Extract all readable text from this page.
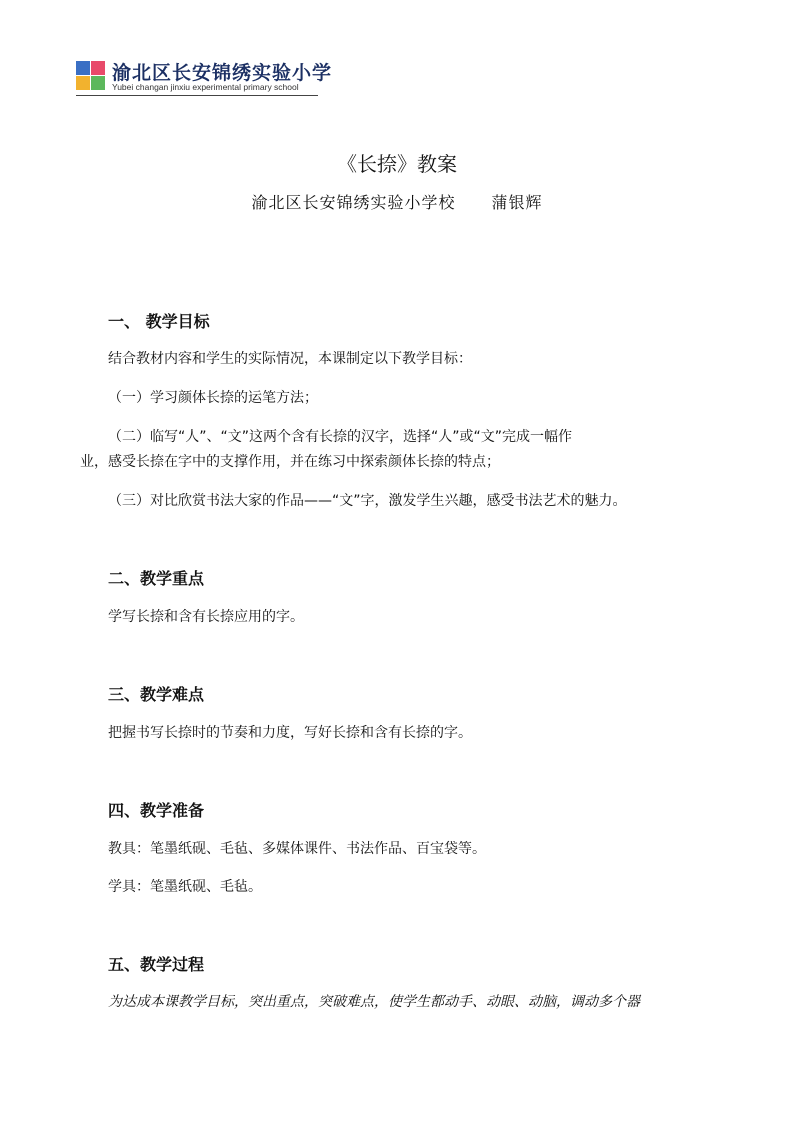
渝北区长安锦绣实验小学
Yubei changan jinxiu experimental primary school
《长捺》教案
渝北区长安锦绣实验小学校 蒲银辉
一、 教学目标
结合教材内容和学生的实际情况，本课制定以下教学目标：
（一）学习颜体长捺的运笔方法；
（二）临写“人”、“文”这两个含有长捺的汉字，选择“人”或“文”完成一幅作
业，感受长捺在字中的支撑作用，并在练习中探索颜体长捺的特点；
（三）对比欣赏书法大家的作品——“文”字，激发学生兴趣，感受书法艺术的魅力。
二、教学重点
学写长捺和含有长捺应用的字。
三、教学难点
把握书写长捺时的节奏和力度，写好长捺和含有长捺的字。
四、教学准备
教具：笔墨纸砚、毛毡、多媒体课件、书法作品、百宝袋等。
学具：笔墨纸砚、毛毡。
五、教学过程
为达成本课教学目标，突出重点，突破难点，使学生都动手、动眼、动脑，调动多个器
